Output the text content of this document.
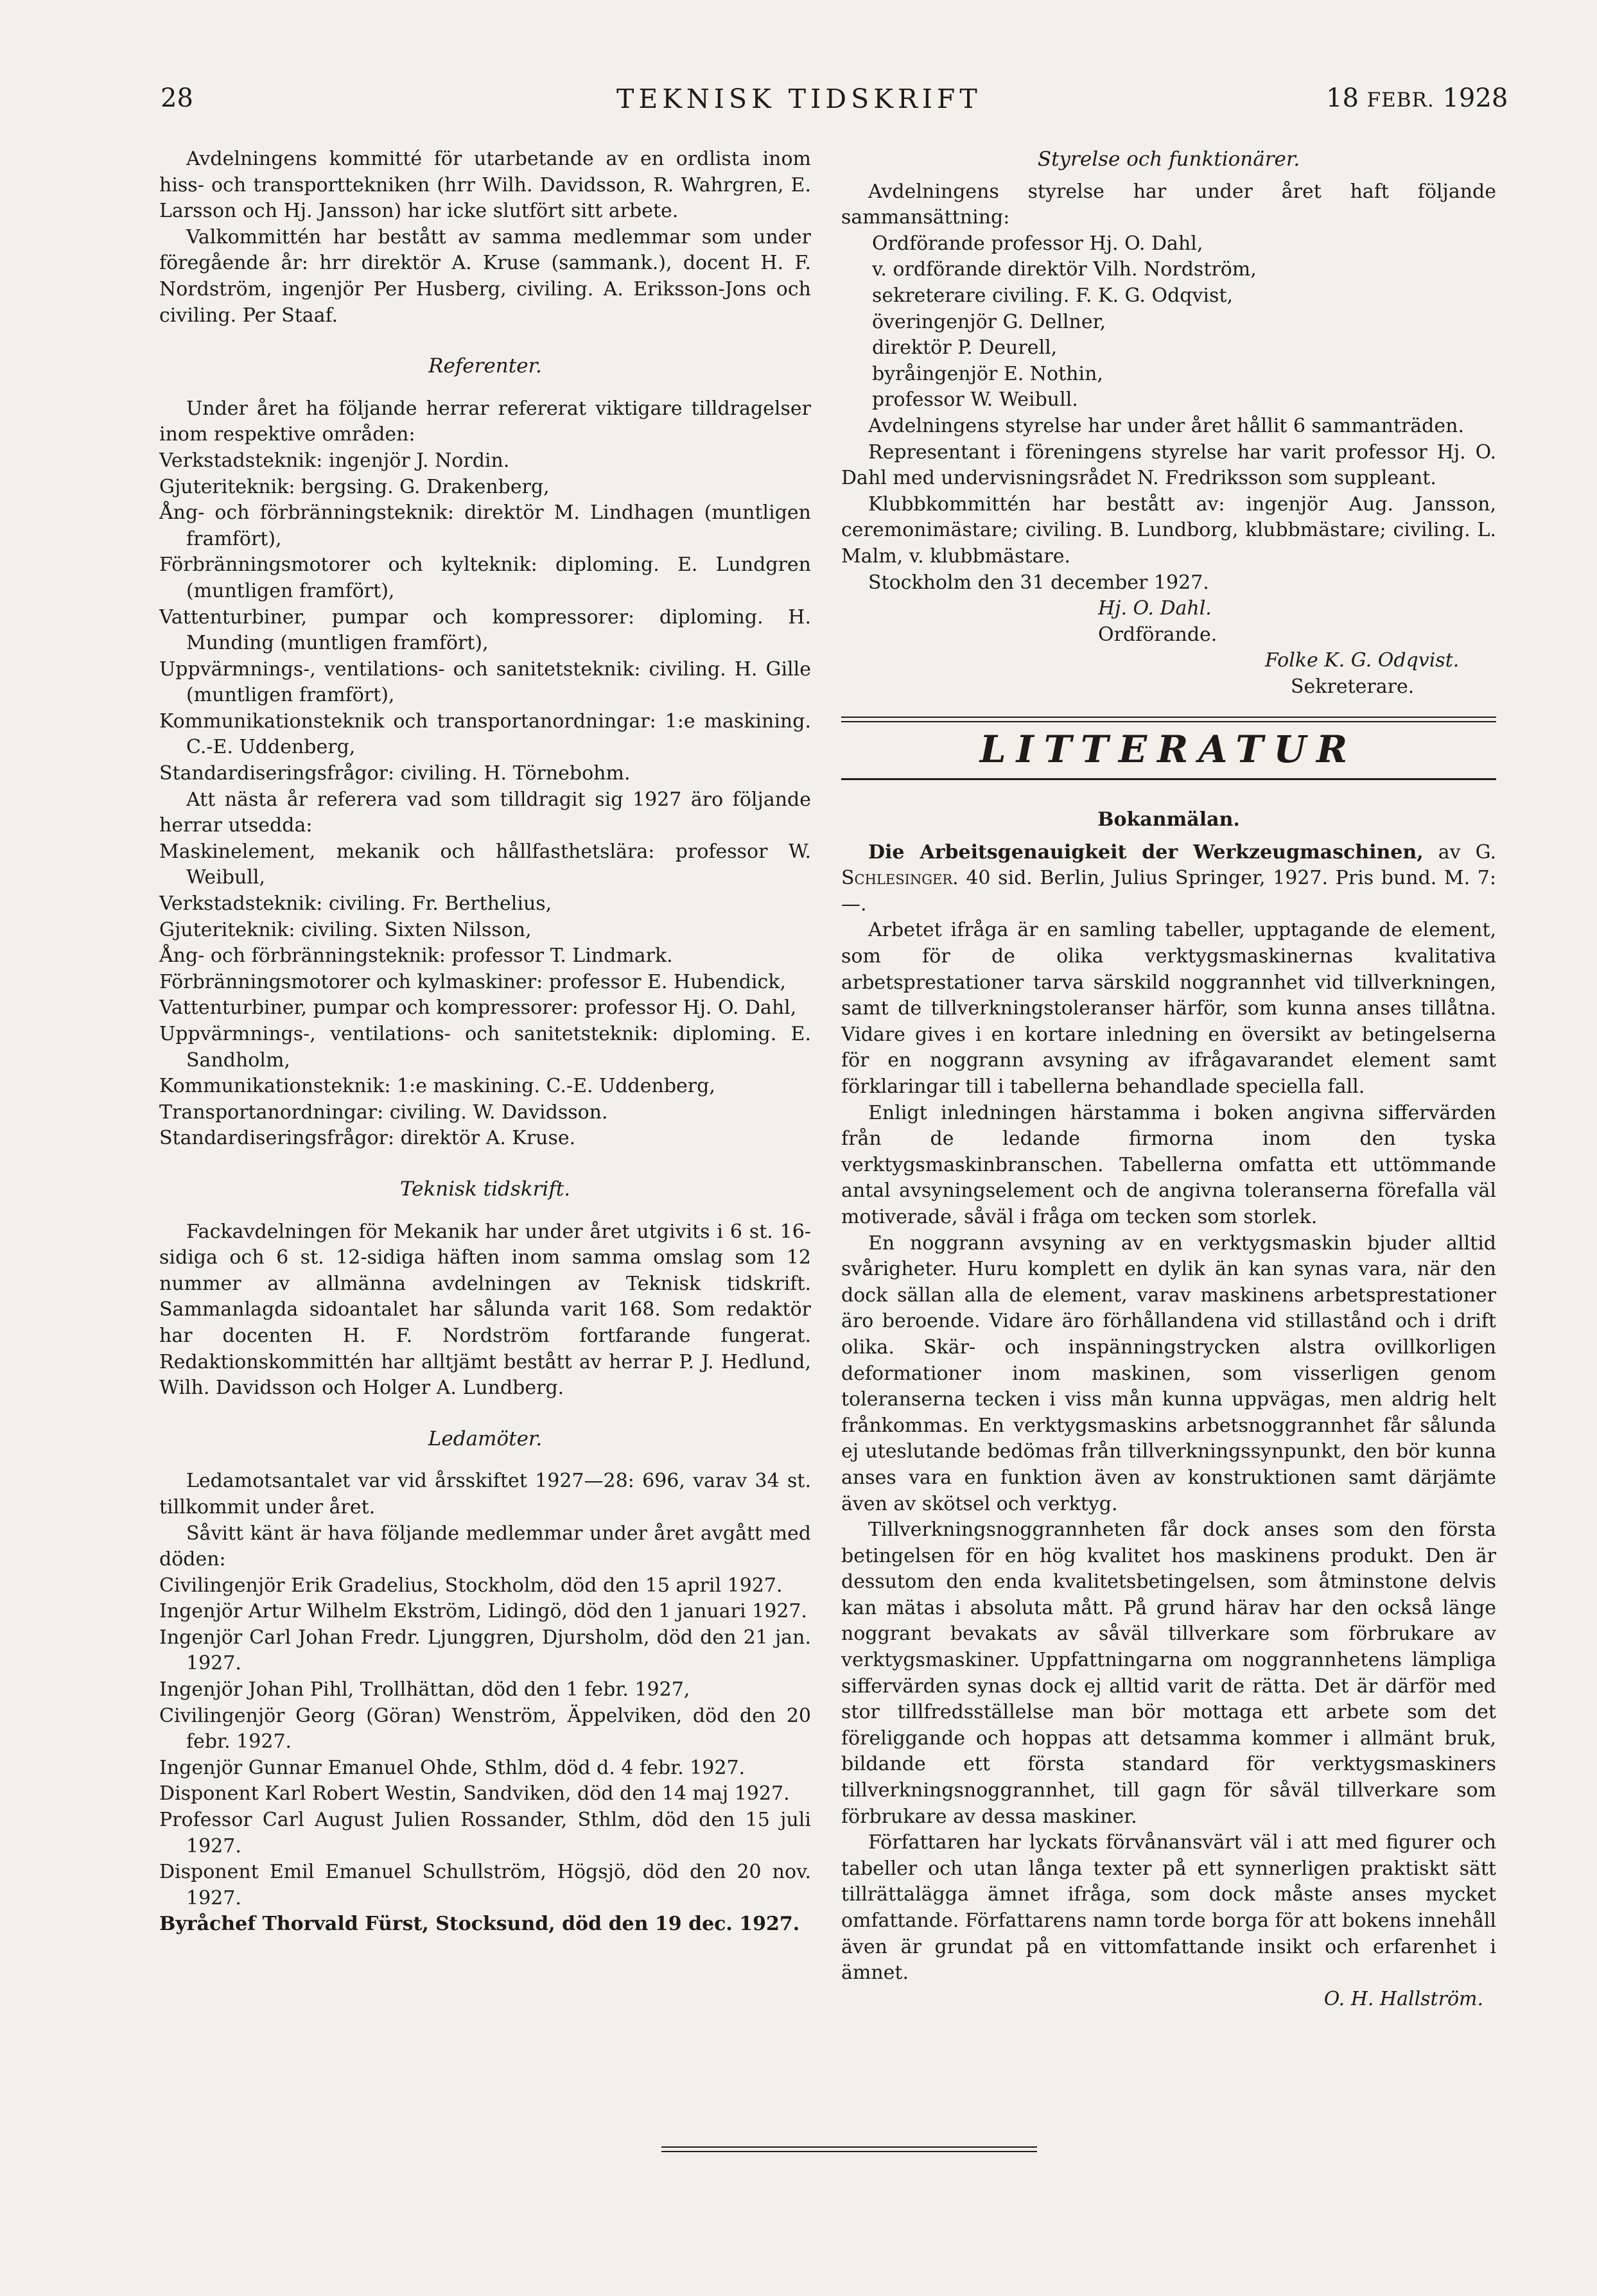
28	TEKNISK TIDSKRIFT	18 FEBR. 1928

Avdelningens kommitté för utarbetande av en ordlista inom hiss- och transporttekniken (hrr Wilh. Davidsson, R. Wahrgren, E. Larsson och Hj. Jansson) har icke slutfört sitt arbete.

Valkommittén har bestått av samma medlemmar som under föregående år: hrr direktör A. Kruse (sammank.), docent H. F. Nordström, ingenjör Per Husberg, civiling. A. Eriksson-Jons och civiling. Per Staaf.

Referenter.

Under året ha följande herrar refererat viktigare tilldragelser inom respektive områden:

Verkstadsteknik: ingenjör J. Nordin.

Gjuteriteknik: bergsing. G. Drakenberg,

Ång- och förbränningsteknik: direktör M. Lindhagen (muntligen framfört),

Förbränningsmotorer och kylteknik: diploming. E. Lundgren (muntligen framfört),

Vattenturbiner, pumpar och kompressorer: diploming. H. Munding (muntligen framfört),

Uppvärmnings-, ventilations- och sanitetsteknik: civiling. H. Gille (muntligen framfört),

Kommunikationsteknik och transportanordningar: 1:e maskining. C.-E. Uddenberg,

Standardiseringsfrågor: civiling. H. Törnebohm.

Att nästa år referera vad som tilldragit sig 1927 äro följande herrar utsedda:

Maskinelement, mekanik och hållfasthetslära: professor W. Weibull,

Verkstadsteknik: civiling. Fr. Berthelius,

Gjuteriteknik: civiling. Sixten Nilsson,

Ång- och förbränningsteknik: professor T. Lindmark.

Förbränningsmotorer och kylmaskiner: professor E. Hubendick,

Vattenturbiner, pumpar och kompressorer: professor Hj. O. Dahl,

Uppvärmnings-, ventilations- och sanitetsteknik: diploming. E. Sandholm,

Kommunikationsteknik: 1:e maskining. C.-E. Uddenberg,

Transportanordningar: civiling. W. Davidsson.

Standardiseringsfrågor: direktör A. Kruse.

Teknisk tidskrift.

Fackavdelningen för Mekanik har under året utgivits i 6 st. 16-sidiga och 6 st. 12-sidiga häften inom samma omslag som 12 nummer av allmänna avdelningen av Teknisk tidskrift. Sammanlagda sidoantalet har sålunda varit 168. Som redaktör har docenten H. F. Nordström fortfarande fungerat. Redaktionskommittén har alltjämt bestått av herrar P. J. Hedlund, Wilh. Davidsson och Holger A. Lundberg.

Ledamöter.

Ledamotsantalet var vid årsskiftet 1927—28: 696, varav 34 st. tillkommit under året.

Såvitt känt är hava följande medlemmar under året avgått med döden:

Civilingenjör Erik Gradelius, Stockholm, död den 15 april 1927.

Ingenjör Artur Wilhelm Ekström, Lidingö, död den 1 januari 1927.

Ingenjör Carl Johan Fredr. Ljunggren, Djursholm, död den 21 jan. 1927.

Ingenjör Johan Pihl, Trollhättan, död den 1 febr. 1927,

Civilingenjör Georg (Göran) Wenström, Äppelviken, död den 20 febr. 1927.

Ingenjör Gunnar Emanuel Ohde, Sthlm, död d. 4 febr. 1927.

Disponent Karl Robert Westin, Sandviken, död den 14 maj 1927.

Professor Carl August Julien Rossander, Sthlm, död den 15 juli 1927.

Disponent Emil Emanuel Schullström, Högsjö, död den 20 nov. 1927.

Byråchef Thorvald Fürst, Stocksund, död den 19 dec. 1927.

Styrelse och funktionärer.

Avdelningens styrelse har under året haft följande sammansättning:

Ordförande professor Hj. O. Dahl,

v. ordförande direktör Vilh. Nordström,

sekreterare civiling. F. K. G. Odqvist,

överingenjör G. Dellner,

direktör P. Deurell,

byråingenjör E. Nothin,

professor W. Weibull.

Avdelningens styrelse har under året hållit 6 sammanträden.

Representant i föreningens styrelse har varit professor Hj. O. Dahl med undervisningsrådet N. Fredriksson som suppleant.

Klubbkommittén har bestått av: ingenjör Aug. Jansson, ceremonimästare; civiling. B. Lundborg, klubbmästare; civiling. L. Malm, v. klubbmästare.

Stockholm den 31 december 1927.

Hj. O. Dahl.

Ordförande.

Folke K. G. Odqvist.

Sekreterare.

LITTERATUR
Bokanmälan.

Die Arbeitsgenauigkeit der Werkzeugmaschinen, av G. Schlesinger. 40 sid. Berlin, Julius Springer, 1927. Pris bund. M. 7: —.

Arbetet ifråga är en samling tabeller, upptagande de element, som för de olika verktygsmaskinernas kvalitativa arbetsprestationer tarva särskild noggrannhet vid tillverkningen, samt de tillverkningstoleranser härför, som kunna anses tillåtna. Vidare gives i en kortare inledning en översikt av betingelserna för en noggrann avsyning av ifrågavarandet element samt förklaringar till i tabellerna behandlade speciella fall.

Enligt inledningen härstamma i boken angivna siffervärden från de ledande firmorna inom den tyska verktygsmaskinbranschen. Tabellerna omfatta ett uttömmande antal avsyningselement och de angivna toleranserna förefalla väl motiverade, såväl i fråga om tecken som storlek.

En noggrann avsyning av en verktygsmaskin bjuder alltid svårigheter. Huru komplett en dylik än kan synas vara, när den dock sällan alla de element, varav maskinens arbetsprestationer äro beroende. Vidare äro förhållandena vid stillastånd och i drift olika. Skär- och inspänningstrycken alstra ovillkorligen deformationer inom maskinen, som visserligen genom toleranserna tecken i viss mån kunna uppvägas, men aldrig helt frånkommas. En verktygsmaskins arbetsnoggrannhet får sålunda ej uteslutande bedömas från tillverkningssynpunkt, den bör kunna anses vara en funktion även av konstruktionen samt därjämte även av skötsel och verktyg.

Tillverkningsnoggrannheten får dock anses som den första betingelsen för en hög kvalitet hos maskinens produkt. Den är dessutom den enda kvalitetsbetingelsen, som åtminstone delvis kan mätas i absoluta mått. På grund härav har den också länge noggrant bevakats av såväl tillverkare som förbrukare av verktygsmaskiner. Uppfattningarna om noggrannhetens lämpliga siffervärden synas dock ej alltid varit de rätta. Det är därför med stor tillfredsställelse man bör mottaga ett arbete som det föreliggande och hoppas att detsamma kommer i allmänt bruk, bildande ett första standard för verktygsmaskiners tillverkningsnoggrannhet, till gagn för såväl tillverkare som förbrukare av dessa maskiner.

Författaren har lyckats förvånansvärt väl i att med figurer och tabeller och utan långa texter på ett synnerligen praktiskt sätt tillrättalägga ämnet ifråga, som dock måste anses mycket omfattande. Författarens namn torde borga för att bokens innehåll även är grundat på en vittomfattande insikt och erfarenhet i ämnet.

O. H. Hallström.
